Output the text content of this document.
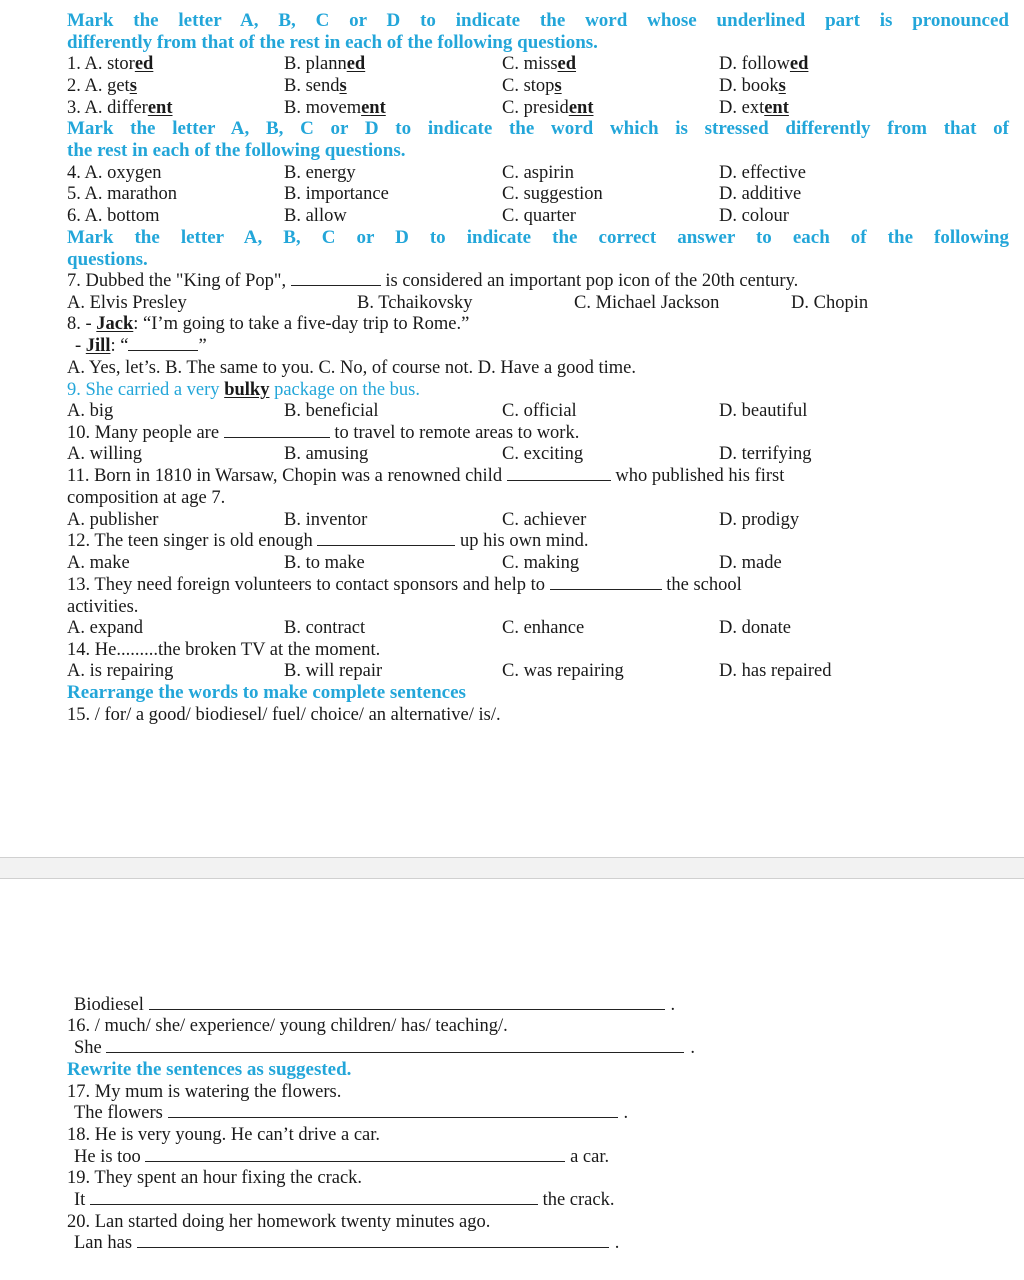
Mark the letter A, B, C or D to indicate the word whose underlined part is pronounced
differently from that of the rest in each of the following questions.
1. A. stored	B. planned	C. missed	D. followed
2. A. gets	B. sends	C. stops	D. books
3. A. different	B. movement	C. president	D. extent
Mark the letter A, B, C or D to indicate the word which is stressed differently from that of
the rest in each of the following questions.
4. A. oxygen	B. energy	C. aspirin	D. effective
5. A. marathon	B. importance	C. suggestion	D. additive
6. A. bottom	B. allow	C. quarter	D. colour
Mark the letter A, B, C or D to indicate the correct answer to each of the following
questions.
7. Dubbed the "King of Pop",	is considered an important pop icon of the 20th century.
A. Elvis Presley	B. Tchaikovsky	C. Michael Jackson	D. Chopin
8. - Jack: “I’m going to take a five-day trip to Rome.”
- Jill: “	”
A. Yes, let’s. B. The same to you. C. No, of course not. D. Have a good time.
9. She carried a very bulky package on the bus.
A. big	B. beneficial	C. official	D. beautiful
10. Many people are	to travel to remote areas to work.
A. willing	B. amusing	C. exciting	D. terrifying
11. Born in 1810 in Warsaw, Chopin was a renowned child	who published his first
composition at age 7.
A. publisher	B. inventor	C. achiever	D. prodigy
12. The teen singer is old enough	up his own mind.
A. make	B. to make	C. making	D. made
13. They need foreign volunteers to contact sponsors and help to	the school
activities.
A. expand	B. contract	C. enhance	D. donate
14. He.........the broken TV at the moment.
A. is repairing	B. will repair	C. was repairing	D. has repaired
Rearrange the words to make complete sentences
15. / for/ a good/ biodiesel/ fuel/ choice/ an alternative/ is/.
Biodiesel	.
16. / much/ she/ experience/ young children/ has/ teaching/.
She	.
Rewrite the sentences as suggested.
17. My mum is watering the flowers.
The flowers	.
18. He is very young. He can’t drive a car.
He is too	a car.
19. They spent an hour fixing the crack.
It	the crack.
20. Lan started doing her homework twenty minutes ago.
Lan has	.
